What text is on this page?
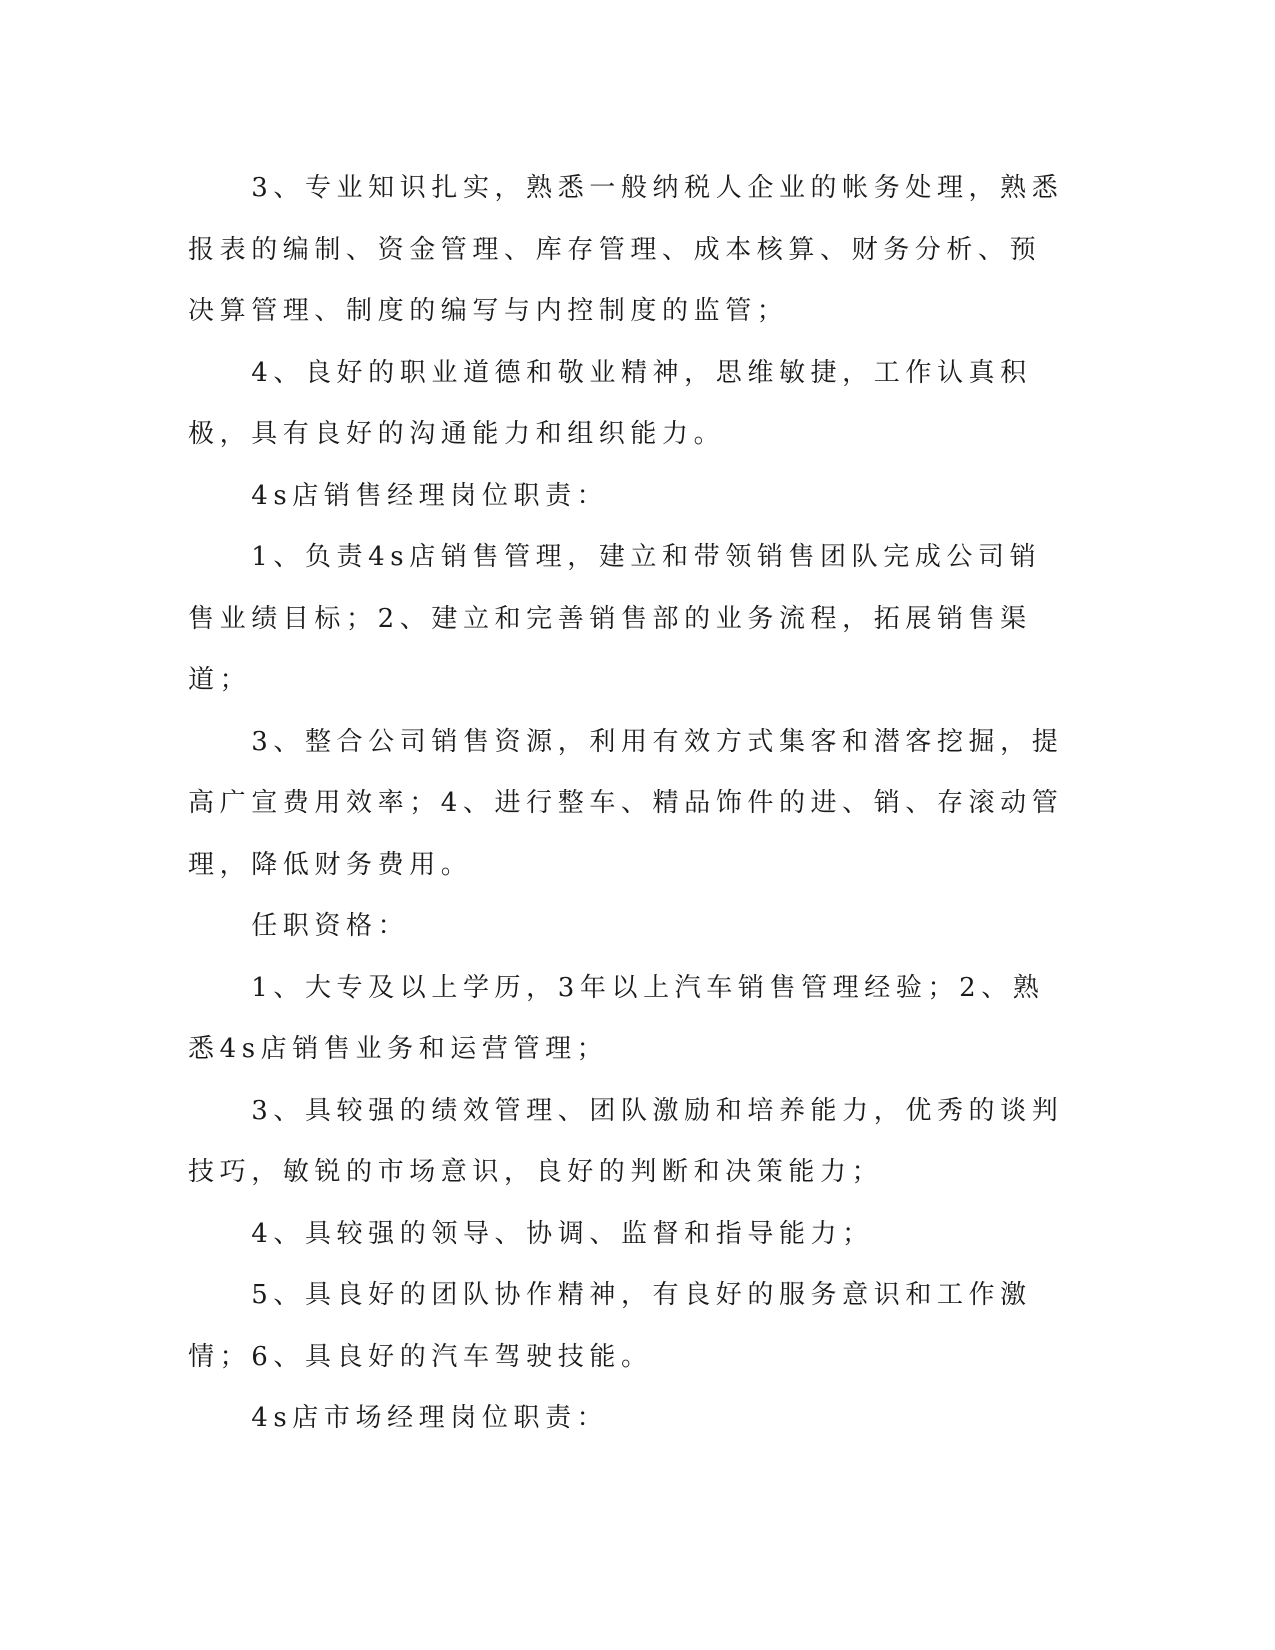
　　3、专业知识扎实，熟悉一般纳税人企业的帐务处理，熟悉报表的编制、资金管理、库存管理、成本核算、财务分析、预决算管理、制度的编写与内控制度的监管；

　　4、良好的职业道德和敬业精神，思维敏捷，工作认真积极，具有良好的沟通能力和组织能力。

　　4s店销售经理岗位职责：

　　1、负责4s店销售管理，建立和带领销售团队完成公司销售业绩目标；2、建立和完善销售部的业务流程，拓展销售渠道；

　　3、整合公司销售资源，利用有效方式集客和潜客挖掘，提高广宣费用效率；4、进行整车、精品饰件的进、销、存滚动管理，降低财务费用。

　　任职资格：

　　1、大专及以上学历，3年以上汽车销售管理经验；2、熟悉4s店销售业务和运营管理；

　　3、具较强的绩效管理、团队激励和培养能力，优秀的谈判技巧，敏锐的市场意识，良好的判断和决策能力；

　　4、具较强的领导、协调、监督和指导能力；

　　5、具良好的团队协作精神，有良好的服务意识和工作激情；6、具良好的汽车驾驶技能。

　　4s店市场经理岗位职责：
